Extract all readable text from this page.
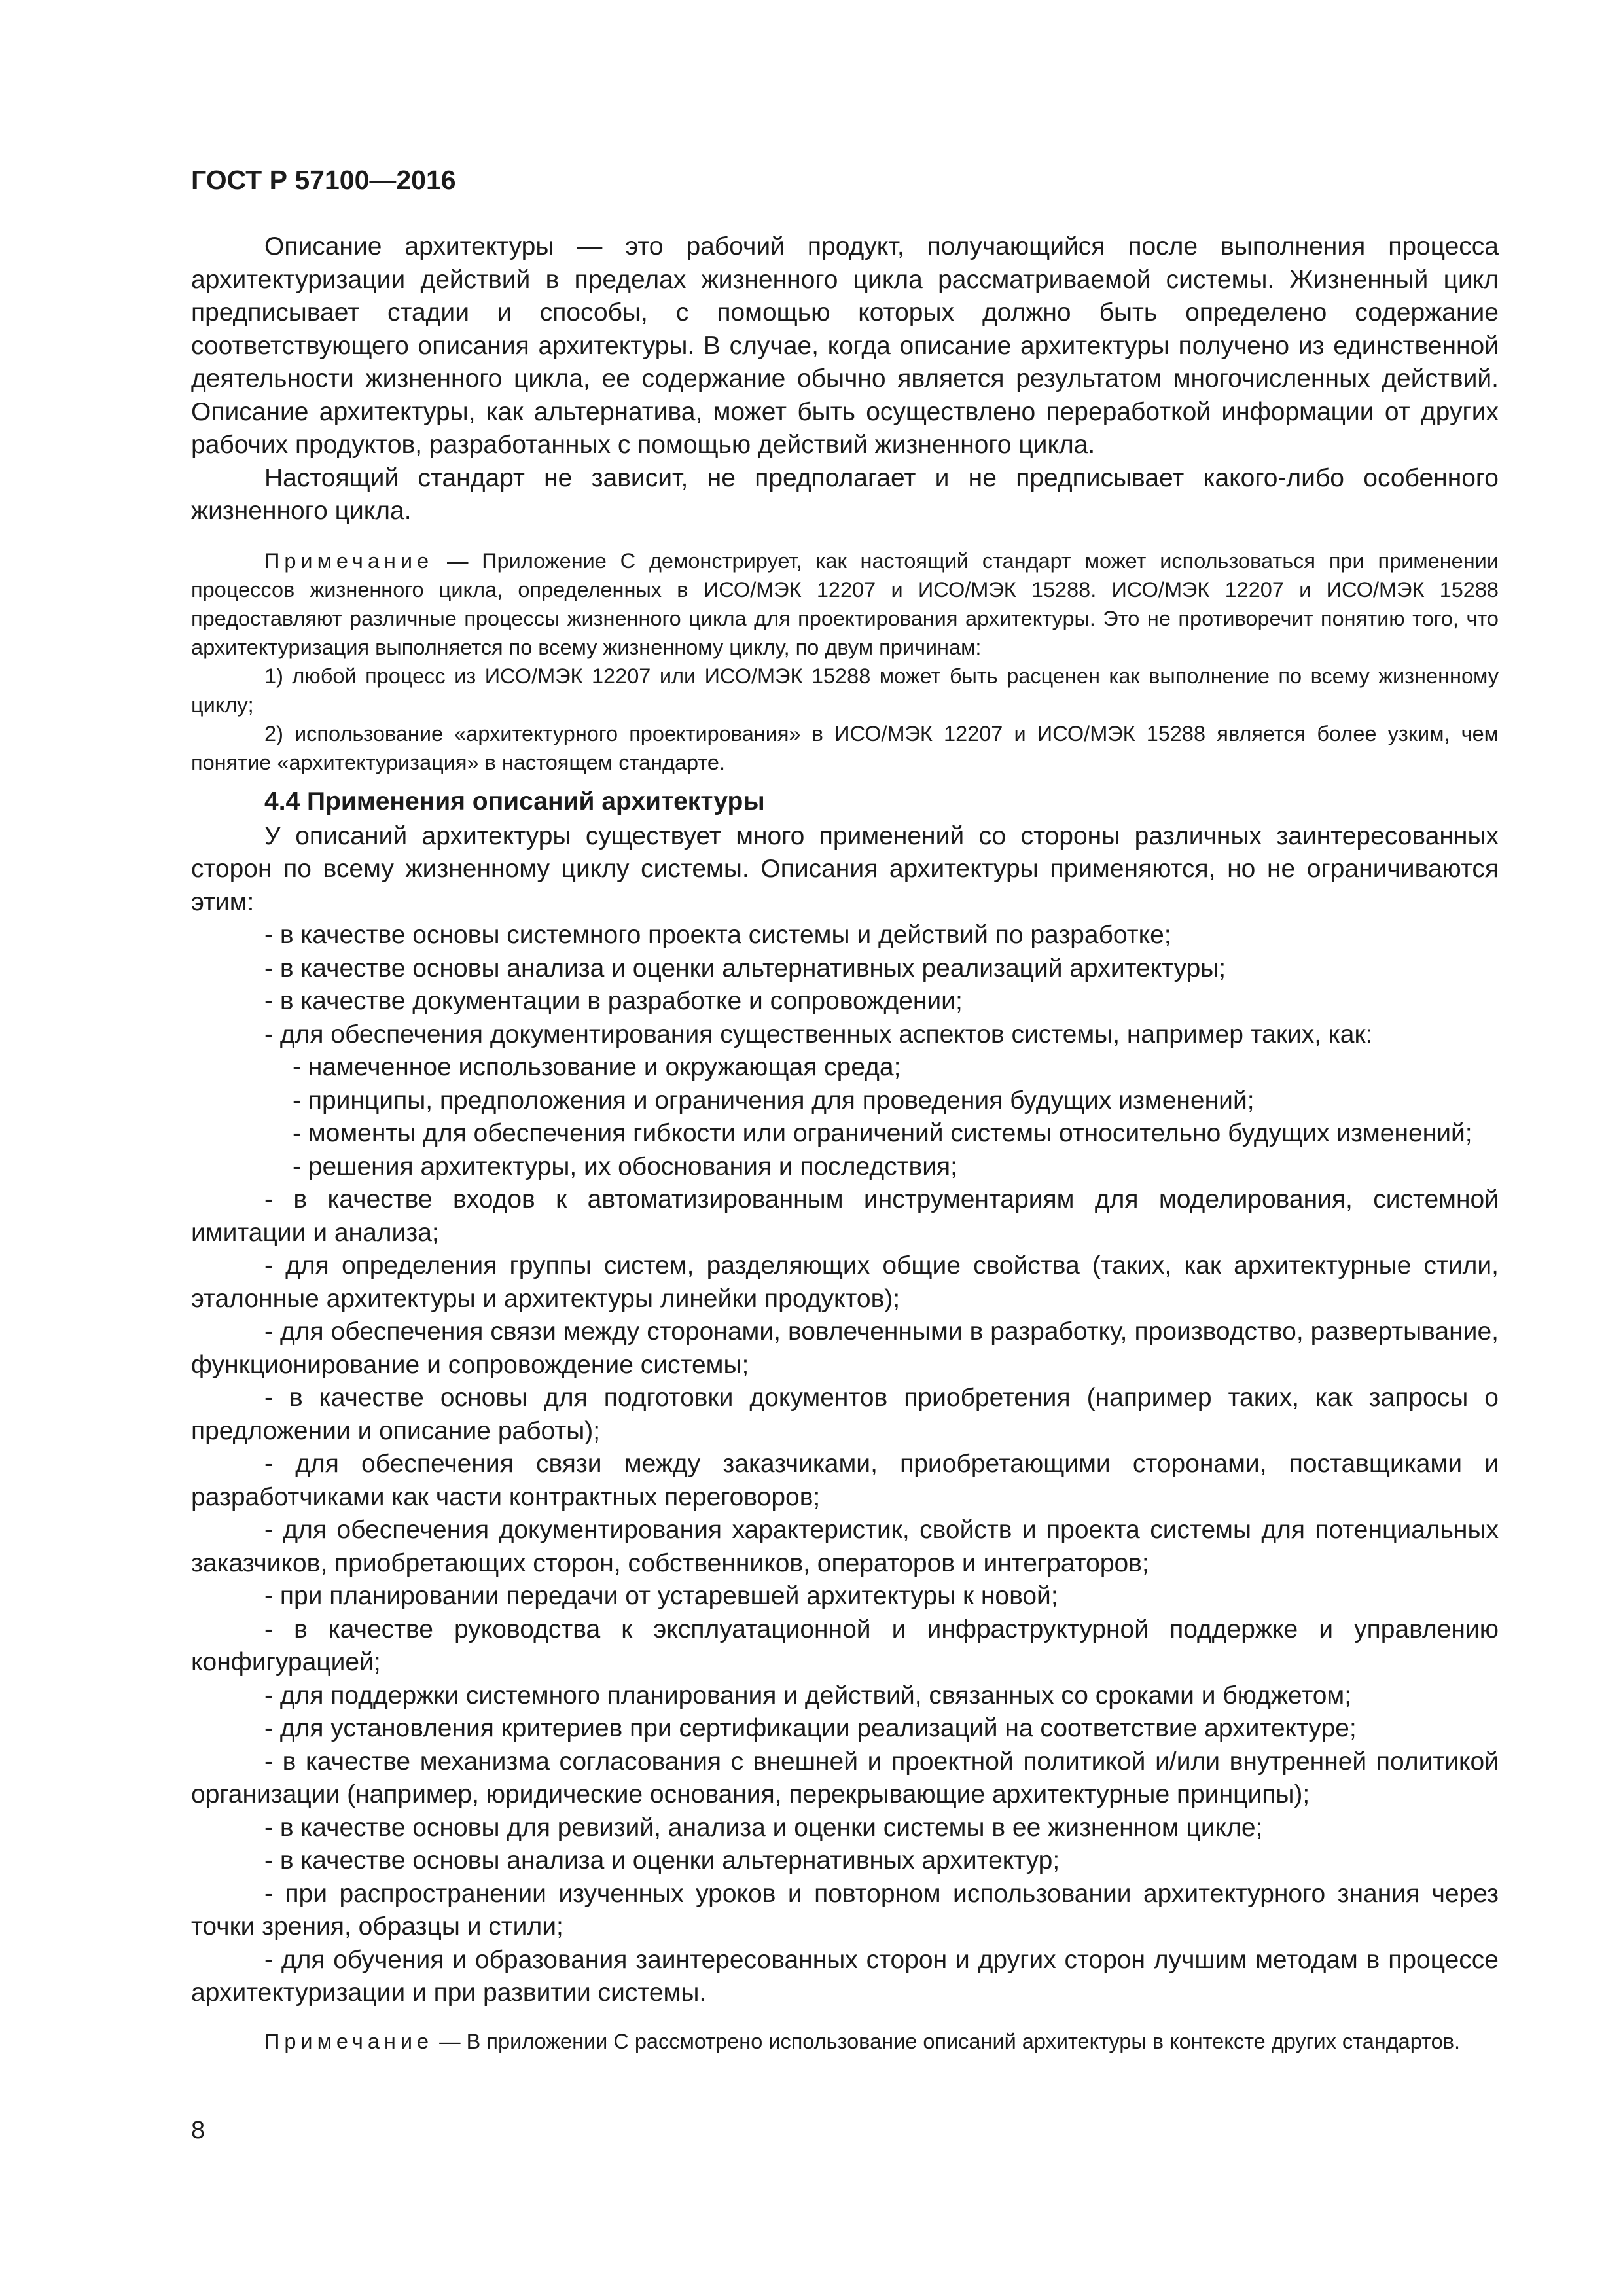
ГОСТ Р 57100—2016

Описание архитектуры — это рабочий продукт, получающийся после выполнения процесса архитектуризации действий в пределах жизненного цикла рассматриваемой системы. Жизненный цикл предписывает стадии и способы, с помощью которых должно быть определено содержание соответствующего описания архитектуры. В случае, когда описание архитектуры получено из единственной деятельности жизненного цикла, ее содержание обычно является результатом многочисленных действий. Описание архитектуры, как альтернатива, может быть осуществлено переработкой информации от других рабочих продуктов, разработанных с помощью действий жизненного цикла.

Настоящий стандарт не зависит, не предполагает и не предписывает какого-либо особенного жизненного цикла.

Примечание — Приложение С демонстрирует, как настоящий стандарт может использоваться при применении процессов жизненного цикла, определенных в ИСО/МЭК 12207 и ИСО/МЭК 15288. ИСО/МЭК 12207 и ИСО/МЭК 15288 предоставляют различные процессы жизненного цикла для проектирования архитектуры. Это не противоречит понятию того, что архитектуризация выполняется по всему жизненному циклу, по двум причинам:

1) любой процесс из ИСО/МЭК 12207 или ИСО/МЭК 15288 может быть расценен как выполнение по всему жизненному циклу;

2) использование «архитектурного проектирования» в ИСО/МЭК 12207 и ИСО/МЭК 15288 является более узким, чем понятие «архитектуризация» в настоящем стандарте.

4.4 Применения описаний архитектуры

У описаний архитектуры существует много применений со стороны различных заинтересованных сторон по всему жизненному циклу системы. Описания архитектуры применяются, но не ограничиваются этим:

- в качестве основы системного проекта системы и действий по разработке;

- в качестве основы анализа и оценки альтернативных реализаций архитектуры;

- в качестве документации в разработке и сопровождении;

- для обеспечения документирования существенных аспектов системы, например таких, как:

- намеченное использование и окружающая среда;

- принципы, предположения и ограничения для проведения будущих изменений;

- моменты для обеспечения гибкости или ограничений системы относительно будущих изменений;

- решения архитектуры, их обоснования и последствия;

- в качестве входов к автоматизированным инструментариям для моделирования, системной имитации и анализа;

- для определения группы систем, разделяющих общие свойства (таких, как архитектурные стили, эталонные архитектуры и архитектуры линейки продуктов);

- для обеспечения связи между сторонами, вовлеченными в разработку, производство, развертывание, функционирование и сопровождение системы;

- в качестве основы для подготовки документов приобретения (например таких, как запросы о предложении и описание работы);

- для обеспечения связи между заказчиками, приобретающими сторонами, поставщиками и разработчиками как части контрактных переговоров;

- для обеспечения документирования характеристик, свойств и проекта системы для потенциальных заказчиков, приобретающих сторон, собственников, операторов и интеграторов;

- при планировании передачи от устаревшей архитектуры к новой;

- в качестве руководства к эксплуатационной и инфраструктурной поддержке и управлению конфигурацией;

- для поддержки системного планирования и действий, связанных со сроками и бюджетом;

- для установления критериев при сертификации реализаций на соответствие архитектуре;

- в качестве механизма согласования с внешней и проектной политикой и/или внутренней политикой организации (например, юридические основания, перекрывающие архитектурные принципы);

- в качестве основы для ревизий, анализа и оценки системы в ее жизненном цикле;

- в качестве основы анализа и оценки альтернативных архитектур;

- при распространении изученных уроков и повторном использовании архитектурного знания через точки зрения, образцы и стили;

- для обучения и образования заинтересованных сторон и других сторон лучшим методам в процессе архитектуризации и при развитии системы.

Примечание — В приложении С рассмотрено использование описаний архитектуры в контексте других стандартов.

8
